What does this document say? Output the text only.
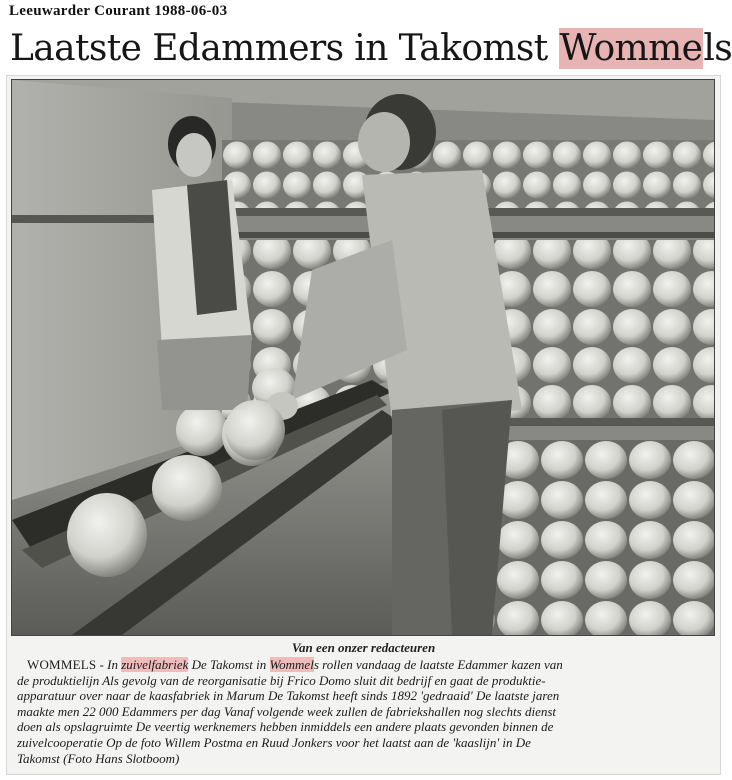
Leeuwarder Courant 1988-06-03
Laatste Edammers in Takomst Wommels
Van een onzer redacteuren
WOMMELS - In zuivelfabriek De Takomst in Wommels rollen vandaag de laatste Edammer kazen van
de produktielijn Als gevolg van de reorganisatie bij Frico Domo sluit dit bedrijf en gaat de produktie-
apparatuur over naar de kaasfabriek in Marum De Takomst heeft sinds 1892 'gedraaid' De laatste jaren
maakte men 22 000 Edammers per dag Vanaf volgende week zullen de fabriekshallen nog slechts dienst
doen als opslagruimte De veertig werknemers hebben inmiddels een andere plaats gevonden binnen de
zuivelcooperatie Op de foto Willem Postma en Ruud Jonkers voor het laatst aan de 'kaaslijn' in De
Takomst (Foto Hans Slotboom)
